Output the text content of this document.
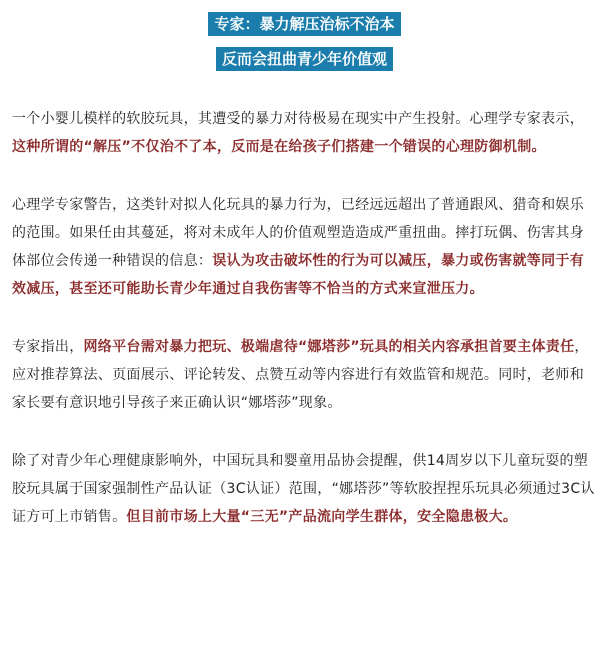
专家：暴力解压治标不治本
反而会扭曲青少年价值观

一个小婴儿模样的软胶玩具，其遭受的暴力对待极易在现实中产生投射。心理学专家表示，这种所谓的“解压”不仅治不了本，反而是在给孩子们搭建一个错误的心理防御机制。

心理学专家警告，这类针对拟人化玩具的暴力行为，已经远远超出了普通跟风、猎奇和娱乐的范围。如果任由其蔓延，将对未成年人的价值观塑造造成严重扭曲。摔打玩偶、伤害其身体部位会传递一种错误的信息：误认为攻击破坏性的行为可以减压，暴力或伤害就等同于有效减压，甚至还可能助长青少年通过自我伤害等不恰当的方式来宣泄压力。

专家指出，网络平台需对暴力把玩、极端虐待“娜塔莎”玩具的相关内容承担首要主体责任，应对推荐算法、页面展示、评论转发、点赞互动等内容进行有效监管和规范。同时，老师和家长要有意识地引导孩子来正确认识“娜塔莎”现象。

除了对青少年心理健康影响外，中国玩具和婴童用品协会提醒，供14周岁以下儿童玩耍的塑胶玩具属于国家强制性产品认证（3C认证）范围，“娜塔莎”等软胶捏捏乐玩具必须通过3C认证方可上市销售。但目前市场上大量“三无”产品流向学生群体，安全隐患极大。
